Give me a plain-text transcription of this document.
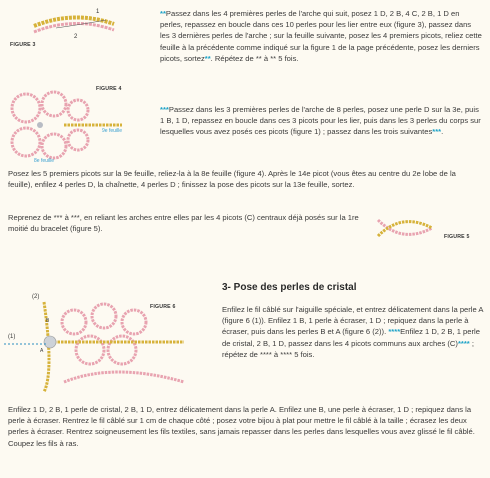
1
2
FIGURE 3
**Passez dans les 4 premières perles de l'arche qui suit, posez 1 D, 2 B, 4 C, 2 B, 1 D en perles, repassez en boucle dans ces 10 perles pour les lier entre eux (figure 3), passez dans les 3 dernières perles de l'arche ; sur la feuille suivante, posez les 4 premiers picots, reliez cette feuille à la précédente comme indiqué sur la figure 1 de la page précédente, posez les derniers picots, sortez**. Répétez de ** à ** 5 fois.
FIGURE 4
9e feuille
8e feuille
***Passez dans les 3 premières perles de l'arche de 8 perles, posez une perle D sur la 3e, puis 1 B, 1 D, repassez en boucle dans ces 3 picots pour les lier, puis dans les 3 perles du corps sur lesquelles vous avez posés ces picots (figure 1) ; passez dans les trois suivantes***.
Posez les 5 premiers picots sur la 9e feuille, reliez-la à la 8e feuille (figure 4). Après le 14e picot (vous êtes au centre du 2e lobe de la feuille), enfilez 4 perles D, la chaînette, 4 perles D ; finissez la pose des picots sur la 13e feuille, sortez.
Reprenez de *** à ***, en reliant les arches entre elles par les 4 picots (C) centraux déjà posés sur la 1re moitié du bracelet (figure 5).
FIGURE 5
FIGURE 6
(2)
(1)
A
B
3- Pose des perles de cristal
Enfilez le fil câblé sur l'aiguille spéciale, et entrez délicatement dans la perle A (figure 6 (1)). Enfilez 1 B, 1 perle à écraser, 1 D ; repiquez dans la perle à écraser, puis dans les perles B et A (figure 6 (2)). ****Enfilez 1 D, 2 B, 1 perle de cristal, 2 B, 1 D, passez dans les 4 picots communs aux arches (C)**** ; répétez de **** à **** 5 fois.
Enfilez 1 D, 2 B, 1 perle de cristal, 2 B, 1 D, entrez délicatement dans la perle A. Enfilez une B, une perle à écraser, 1 D ; repiquez dans la perle à écraser. Rentrez le fil câblé sur 1 cm de chaque côté ; posez votre bijou à plat pour mettre le fil câblé à la taille ; écrasez les deux perles à écraser. Rentrez soigneusement les fils textiles, sans jamais repasser dans les perles dans lesquelles vous avez glissé le fil câblé. Coupez les fils à ras.
